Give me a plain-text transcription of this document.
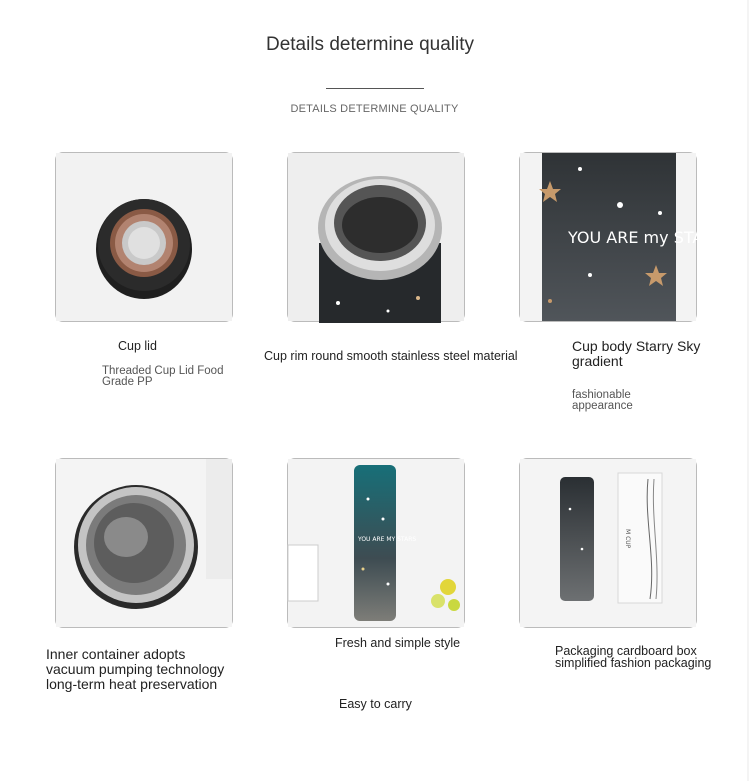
Details determine quality
DETAILS DETERMINE QUALITY
Cup lid
Threaded Cup Lid Food Grade PP
Cup rim round smooth stainless steel material
YOU ARE my STARS
Cup body Starry Sky gradient
fashionable appearance
Inner container adopts vacuum pumping technology long-term heat preservation
YOU ARE MY STARS
Fresh and simple style
Easy to carry
M CUP
Packaging cardboard box simplified fashion packaging
